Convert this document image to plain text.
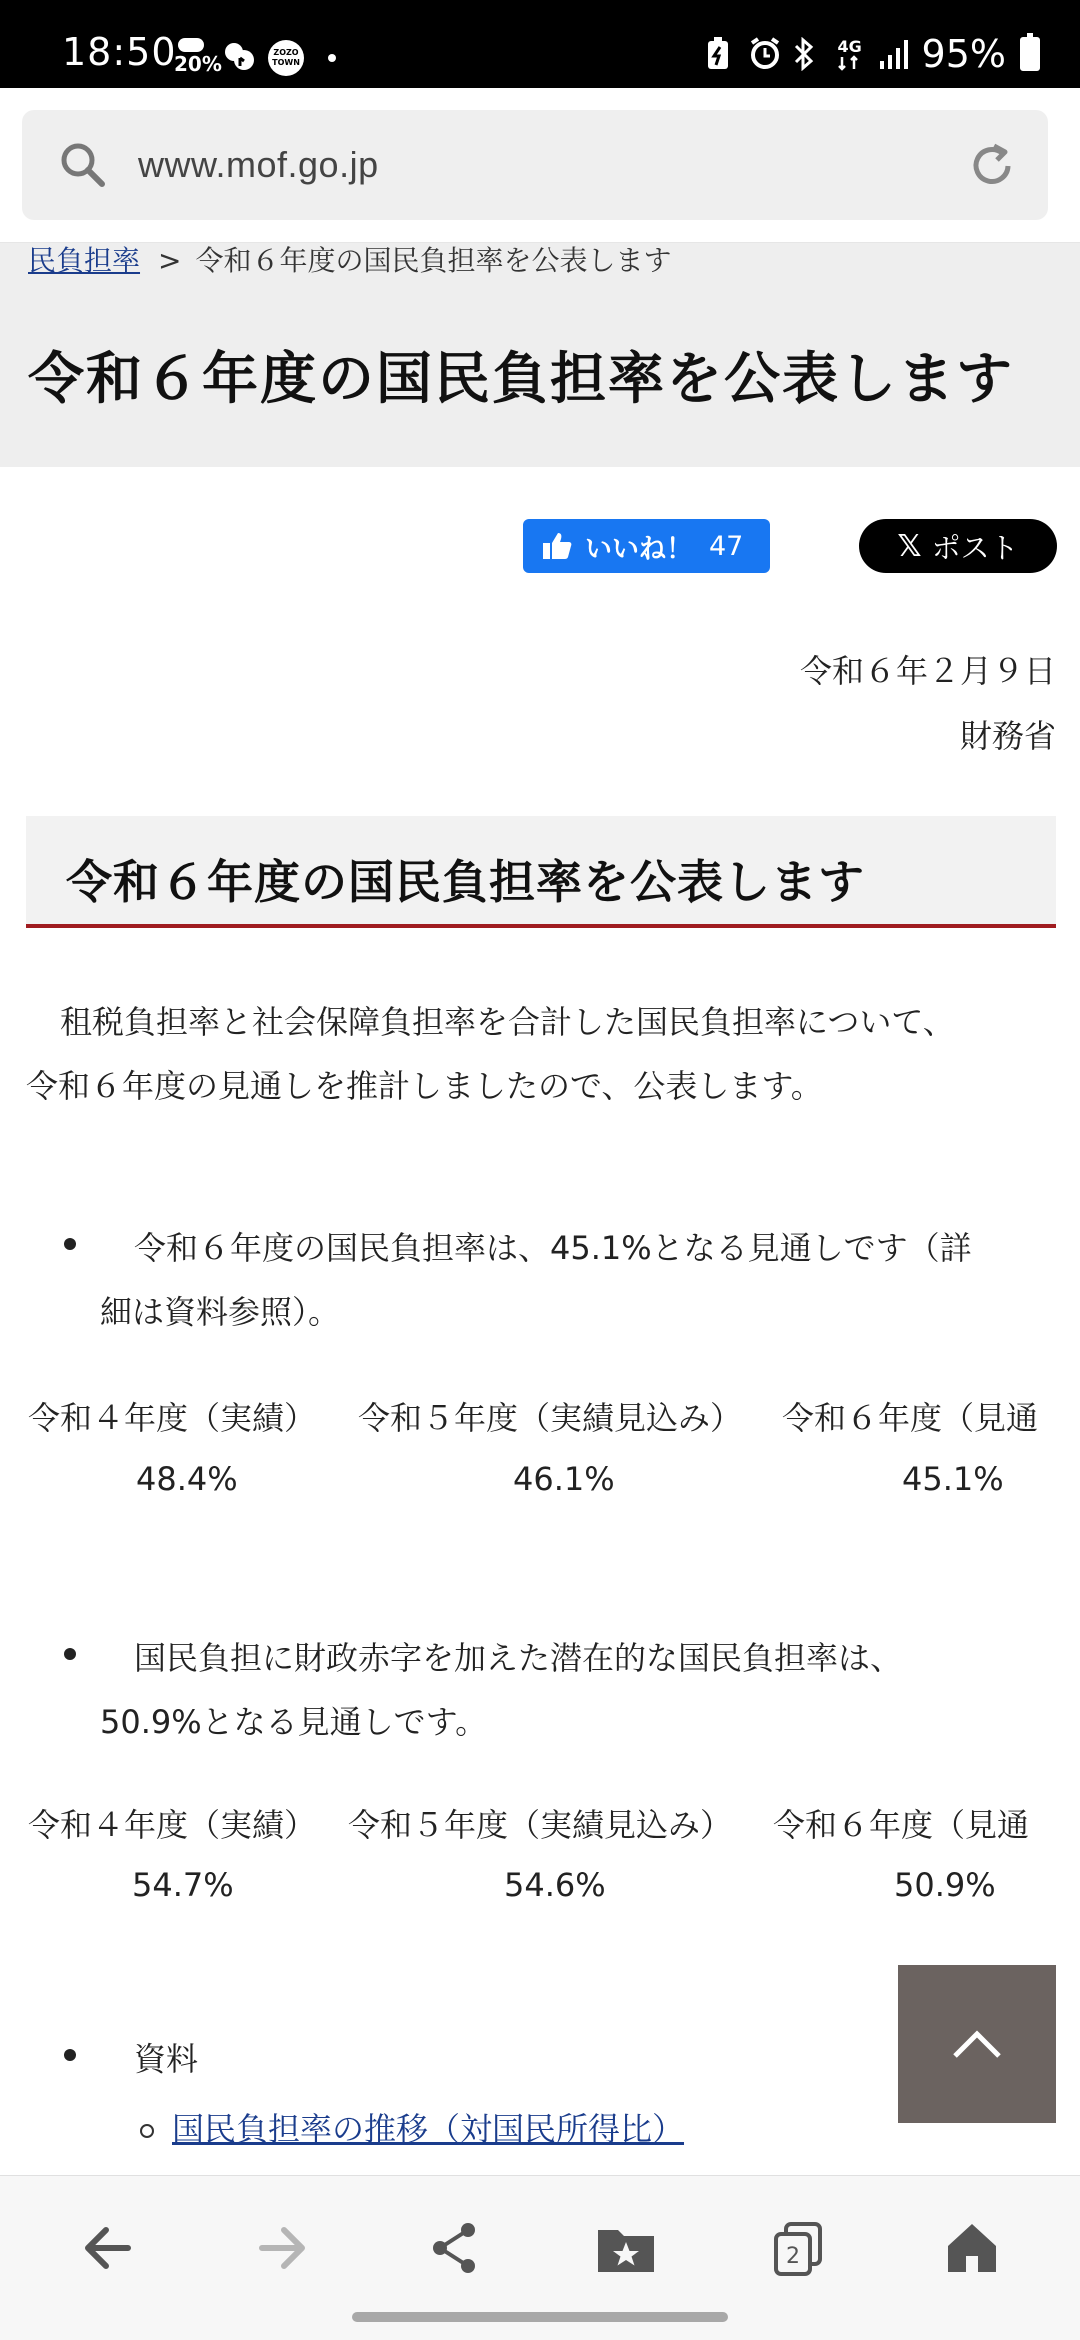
18:50
20%	ZOZO TOWN
4G 95%
www.mof.go.jp
民負担率 > 令和６年度の国民負担率を公表します
令和６年度の国民負担率を公表します
いいね！ 47	𝕏 ポスト
令和６年２月９日
財務省
令和６年度の国民負担率を公表します
租税負担率と社会保障負担率を合計した国民負担率について、
令和６年度の見通しを推計しましたので、公表します。
令和６年度の国民負担率は、45.1%となる見通しです（詳
細は資料参照）。
令和４年度（実績） 令和５年度（実績見込み） 令和６年度（見通
48.4%	46.1%	45.1%
国民負担に財政赤字を加えた潜在的な国民負担率は、
50.9%となる見通しです。
令和４年度（実績） 令和５年度（実績見込み） 令和６年度（見通
54.7%	54.6%	50.9%
資料
国民負担率の推移（対国民所得比）
2
